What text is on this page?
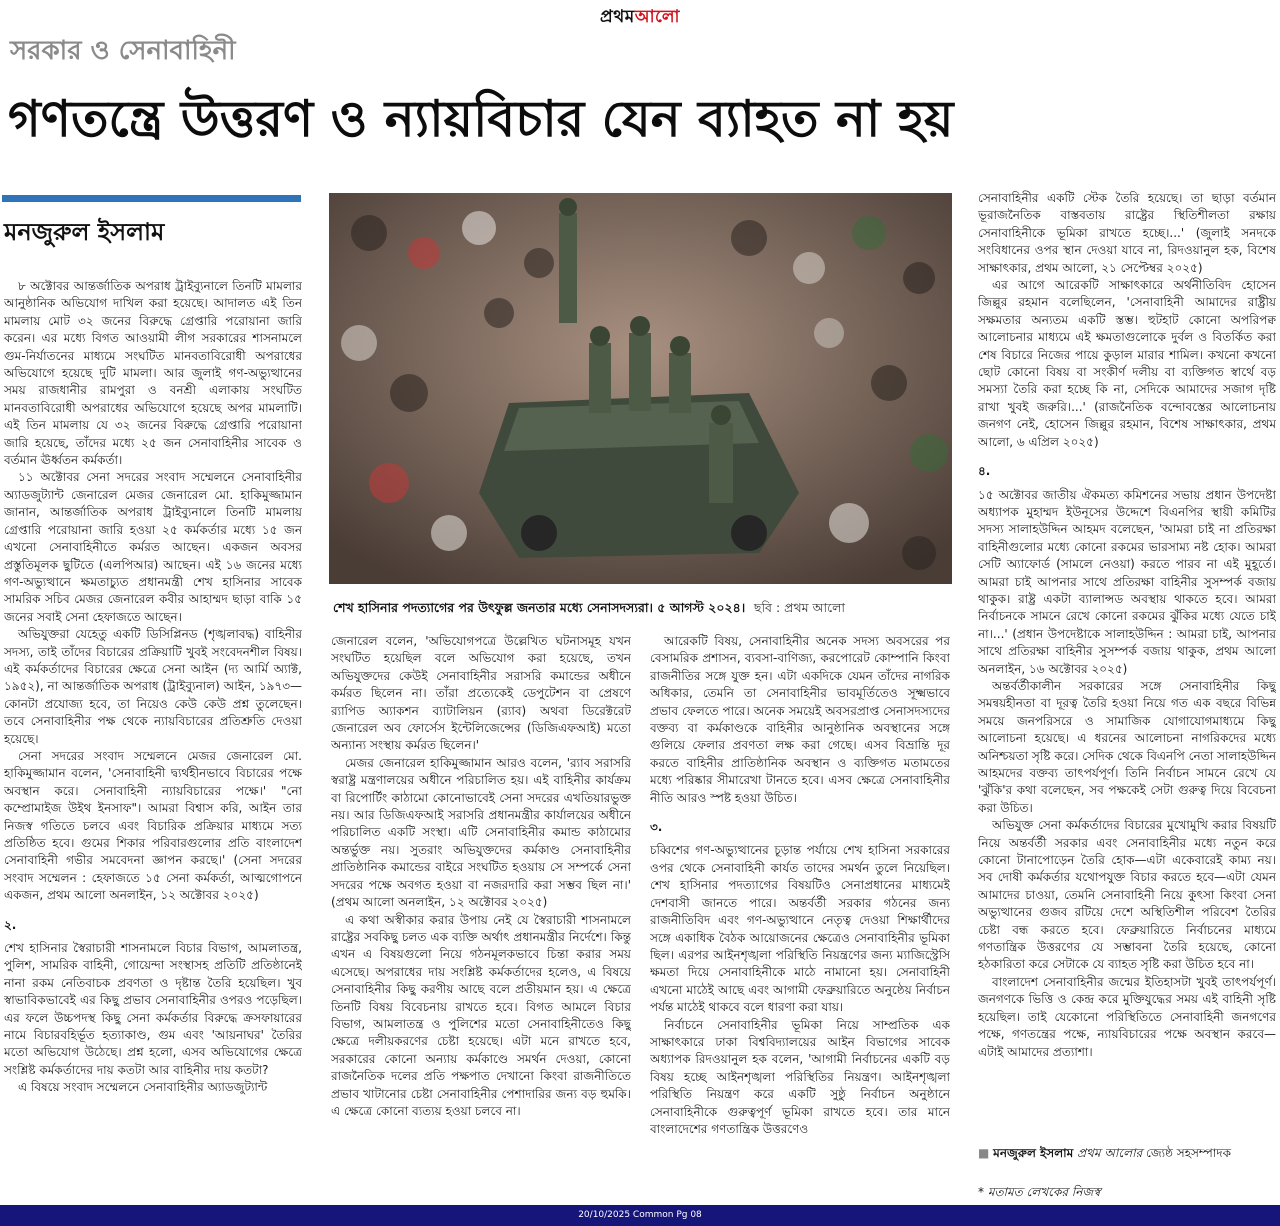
প্রথমআলো
সরকার ও সেনাবাহিনী
গণতন্ত্রে উত্তরণ ও ন্যায়বিচার যেন ব্যাহত না হয়
মনজুরুল ইসলাম

৮ অক্টোবর আন্তর্জাতিক অপরাধ ট্রাইব্যুনালে তিনটি মামলার আনুষ্ঠানিক অভিযোগ দাখিল করা হয়েছে। আদালত এই তিন মামলায় মোট ৩২ জনের বিরুদ্ধে গ্রেপ্তারি পরোয়ানা জারি করেন। এর মধ্যে বিগত আওয়ামী লীগ সরকারের শাসনামলে গুম-নির্যাতনের মাধ্যমে সংঘটিত মানবতাবিরোধী অপরাধের অভিযোগে হয়েছে দুটি মামলা। আর জুলাই গণ-অভ্যুত্থানের সময় রাজধানীর রামপুরা ও বনশ্রী এলাকায় সংঘটিত মানবতাবিরোধী অপরাধের অভিযোগে হয়েছে অপর মামলাটি। এই তিন মামলায় যে ৩২ জনের বিরুদ্ধে গ্রেপ্তারি পরোয়ানা জারি হয়েছে, তাঁদের মধ্যে ২৫ জন সেনাবাহিনীর সাবেক ও বর্তমান ঊর্ধ্বতন কর্মকর্তা।

১১ অক্টোবর সেনা সদরের সংবাদ সম্মেলনে সেনাবাহিনীর অ্যাডজুট্যান্ট জেনারেল মেজর জেনারেল মো. হাকিমুজ্জামান জানান, আন্তর্জাতিক অপরাধ ট্রাইব্যুনালে তিনটি মামলায় গ্রেপ্তারি পরোয়ানা জারি হওয়া ২৫ কর্মকর্তার মধ্যে ১৫ জন এখনো সেনাবাহিনীতে কর্মরত আছেন। একজন অবসর প্রস্তুতিমূলক ছুটিতে (এলপিআর) আছেন। এই ১৬ জনের মধ্যে গণ-অভ্যুত্থানে ক্ষমতাচ্যুত প্রধানমন্ত্রী শেখ হাসিনার সাবেক সামরিক সচিব মেজর জেনারেল কবীর আহাম্মদ ছাড়া বাকি ১৫ জনের সবাই সেনা হেফাজতে আছেন।

অভিযুক্তরা যেহেতু একটি ডিসিপ্লিনড (শৃঙ্খলাবদ্ধ) বাহিনীর সদস্য, তাই তাঁদের বিচারের প্রক্রিয়াটি খুবই সংবেদনশীল বিষয়। এই কর্মকর্তাদের বিচারের ক্ষেত্রে সেনা আইন (দ্য আর্মি অ্যাক্ট, ১৯৫২), না আন্তর্জাতিক অপরাধ (ট্রাইব্যুনাল) আইন, ১৯৭৩—কোনটা প্রযোজ্য হবে, তা নিয়েও কেউ কেউ প্রশ্ন তুলেছেন। তবে সেনাবাহিনীর পক্ষ থেকে ন্যায়বিচারের প্রতিশ্রুতি দেওয়া হয়েছে।

সেনা সদরের সংবাদ সম্মেলনে মেজর জেনারেল মো. হাকিমুজ্জামান বলেন, 'সেনাবাহিনী দ্ব্যর্থহীনভাবে বিচারের পক্ষে অবস্থান করে। সেনাবাহিনী ন্যায়বিচারের পক্ষে।' "নো কম্প্রোমাইজ উইথ ইনসাফ"। আমরা বিশ্বাস করি, আইন তার নিজস্ব গতিতে চলবে এবং বিচারিক প্রক্রিয়ার মাধ্যমে সত্য প্রতিষ্ঠিত হবে। গুমের শিকার পরিবারগুলোর প্রতি বাংলাদেশ সেনাবাহিনী গভীর সমবেদনা জ্ঞাপন করছে।' (সেনা সদরের সংবাদ সম্মেলন : হেফাজতে ১৫ সেনা কর্মকর্তা, আত্মগোপনে একজন, প্রথম আলো অনলাইন, ১২ অক্টোবর ২০২৫)

২.

শেখ হাসিনার স্বৈরাচারী শাসনামলে বিচার বিভাগ, আমলাতন্ত্র, পুলিশ, সামরিক বাহিনী, গোয়েন্দা সংস্থাসহ প্রতিটি প্রতিষ্ঠানেই নানা রকম নেতিবাচক প্রবণতা ও দৃষ্টান্ত তৈরি হয়েছিল। খুব স্বাভাবিকভাবেই এর কিছু প্রভাব সেনাবাহিনীর ওপরও পড়েছিল। এর ফলে উচ্চপদস্থ কিছু সেনা কর্মকর্তার বিরুদ্ধে ক্রসফায়ারের নামে বিচারবহির্ভূত হত্যাকাণ্ড, গুম এবং 'আয়নাঘর' তৈরির মতো অভিযোগ উঠেছে। প্রশ্ন হলো, এসব অভিযোগের ক্ষেত্রে সংশ্লিষ্ট কর্মকর্তাদের দায় কতটা আর বাহিনীর দায় কতটা?

এ বিষয়ে সংবাদ সম্মেলনে সেনাবাহিনীর অ্যাডজুট্যান্ট

শেখ হাসিনার পদত্যাগের পর উৎফুল্ল জনতার মধ্যে সেনাসদস্যরা। ৫ আগস্ট ২০২৪। ছবি : প্রথম আলো

জেনারেল বলেন, 'অভিযোগপত্রে উল্লেখিত ঘটনাসমূহ যখন সংঘটিত হয়েছিল বলে অভিযোগ করা হয়েছে, তখন অভিযুক্তদের কেউই সেনাবাহিনীর সরাসরি কমান্ডের অধীনে কর্মরত ছিলেন না। তাঁরা প্রত্যেকেই ডেপুটেশন বা প্রেষণে র‍্যাপিড অ্যাকশন ব্যাটালিয়ন (র‍্যাব) অথবা ডিরেক্টরেট জেনারেল অব ফোর্সেস ইন্টেলিজেন্সের (ডিজিএফআই) মতো অন্যান্য সংস্থায় কর্মরত ছিলেন।'

মেজর জেনারেল হাকিমুজ্জামান আরও বলেন, 'র‍্যাব সরাসরি স্বরাষ্ট্র মন্ত্রণালয়ের অধীনে পরিচালিত হয়। এই বাহিনীর কার্যক্রম বা রিপোর্টিং কাঠামো কোনোভাবেই সেনা সদরের এখতিয়ারভুক্ত নয়। আর ডিজিএফআই সরাসরি প্রধানমন্ত্রীর কার্যালয়ের অধীনে পরিচালিত একটি সংস্থা। এটি সেনাবাহিনীর কমান্ড কাঠামোর অন্তর্ভুক্ত নয়। সুতরাং অভিযুক্তদের কর্মকাণ্ড সেনাবাহিনীর প্রাতিষ্ঠানিক কমান্ডের বাইরে সংঘটিত হওয়ায় সে সম্পর্কে সেনা সদরের পক্ষে অবগত হওয়া বা নজরদারি করা সম্ভব ছিল না।' (প্রথম আলো অনলাইন, ১২ অক্টোবর ২০২৫)

এ কথা অস্বীকার করার উপায় নেই যে স্বৈরাচারী শাসনামলে রাষ্ট্রের সবকিছু চলত এক ব্যক্তি অর্থাৎ প্রধানমন্ত্রীর নির্দেশে। কিন্তু এখন এ বিষয়গুলো নিয়ে গঠনমূলকভাবে চিন্তা করার সময় এসেছে। অপরাধের দায় সংশ্লিষ্ট কর্মকর্তাদের হলেও, এ বিষয়ে সেনাবাহিনীর কিছু করণীয় আছে বলে প্রতীয়মান হয়। এ ক্ষেত্রে তিনটি বিষয় বিবেচনায় রাখতে হবে। বিগত আমলে বিচার বিভাগ, আমলাতন্ত্র ও পুলিশের মতো সেনাবাহিনীতেও কিছু ক্ষেত্রে দলীয়করণের চেষ্টা হয়েছে। এটা মনে রাখতে হবে, সরকারের কোনো অন্যায় কর্মকাণ্ডে সমর্থন দেওয়া, কোনো রাজনৈতিক দলের প্রতি পক্ষপাত দেখানো কিংবা রাজনীতিতে প্রভাব খাটানোর চেষ্টা সেনাবাহিনীর পেশাদারির জন্য বড় হুমকি। এ ক্ষেত্রে কোনো ব্যত্যয় হওয়া চলবে না।

আরেকটি বিষয়, সেনাবাহিনীর অনেক সদস্য অবসরের পর বেসামরিক প্রশাসন, ব্যবসা-বাণিজ্য, করপোরেট কোম্পানি কিংবা রাজনীতির সঙ্গে যুক্ত হন। এটা একদিকে যেমন তাঁদের নাগরিক অধিকার, তেমনি তা সেনাবাহিনীর ভাবমূর্তিতেও সূক্ষ্মভাবে প্রভাব ফেলতে পারে। অনেক সময়েই অবসরপ্রাপ্ত সেনাসদস্যদের বক্তব্য বা কর্মকাণ্ডকে বাহিনীর আনুষ্ঠানিক অবস্থানের সঙ্গে গুলিয়ে ফেলার প্রবণতা লক্ষ করা গেছে। এসব বিভ্রান্তি দূর করতে বাহিনীর প্রাতিষ্ঠানিক অবস্থান ও ব্যক্তিগত মতামতের মধ্যে পরিষ্কার সীমারেখা টানতে হবে। এসব ক্ষেত্রে সেনাবাহিনীর নীতি আরও স্পষ্ট হওয়া উচিত।

৩.

চব্বিশের গণ-অভ্যুত্থানের চূড়ান্ত পর্যায়ে শেখ হাসিনা সরকারের ওপর থেকে সেনাবাহিনী কার্যত তাদের সমর্থন তুলে নিয়েছিল। শেখ হাসিনার পদত্যাগের বিষয়টিও সেনাপ্রধানের মাধ্যমেই দেশবাসী জানতে পারে। অন্তর্বর্তী সরকার গঠনের জন্য রাজনীতিবিদ এবং গণ-অভ্যুত্থানে নেতৃত্ব দেওয়া শিক্ষার্থীদের সঙ্গে একাধিক বৈঠক আয়োজনের ক্ষেত্রেও সেনাবাহিনীর ভূমিকা ছিল। এরপর আইনশৃঙ্খলা পরিস্থিতি নিয়ন্ত্রণের জন্য ম্যাজিস্ট্রেসি ক্ষমতা দিয়ে সেনাবাহিনীকে মাঠে নামানো হয়। সেনাবাহিনী এখনো মাঠেই আছে এবং আগামী ফেব্রুয়ারিতে অনুষ্ঠেয় নির্বাচন পর্যন্ত মাঠেই থাকবে বলে ধারণা করা যায়।

নির্বাচনে সেনাবাহিনীর ভূমিকা নিয়ে সাম্প্রতিক এক সাক্ষাৎকারে ঢাকা বিশ্ববিদ্যালয়ের আইন বিভাগের সাবেক অধ্যাপক রিদওয়ানুল হক বলেন, 'আগামী নির্বাচনের একটি বড় বিষয় হচ্ছে আইনশৃঙ্খলা পরিস্থিতির নিয়ন্ত্রণ। আইনশৃঙ্খলা পরিস্থিতি নিয়ন্ত্রণ করে একটি সুষ্ঠু নির্বাচন অনুষ্ঠানে সেনাবাহিনীকে গুরুত্বপূর্ণ ভূমিকা রাখতে হবে। তার মানে বাংলাদেশের গণতান্ত্রিক উত্তরণেও

সেনাবাহিনীর একটি স্টেক তৈরি হয়েছে। তা ছাড়া বর্তমান ভূরাজনৈতিক বাস্তবতায় রাষ্ট্রের স্থিতিশীলতা রক্ষায় সেনাবাহিনীকে ভূমিকা রাখতে হচ্ছে।...' (জুলাই সনদকে সংবিধানের ওপর স্থান দেওয়া যাবে না, রিদওয়ানুল হক, বিশেষ সাক্ষাৎকার, প্রথম আলো, ২১ সেপ্টেম্বর ২০২৫)

এর আগে আরেকটি সাক্ষাৎকারে অর্থনীতিবিদ হোসেন জিল্লুর রহমান বলেছিলেন, 'সেনাবাহিনী আমাদের রাষ্ট্রীয় সক্ষমতার অন্যতম একটি স্তম্ভ। হুটহাট কোনো অপরিপক্ব আলোচনার মাধ্যমে এই ক্ষমতাগুলোকে দুর্বল ও বিতর্কিত করা শেষ বিচারে নিজের পায়ে কুড়াল মারার শামিল। কখনো কখনো ছোট কোনো বিষয় বা সংকীর্ণ দলীয় বা ব্যক্তিগত স্বার্থে বড় সমস্যা তৈরি করা হচ্ছে কি না, সেদিকে আমাদের সজাগ দৃষ্টি রাখা খুবই জরুরি।...' (রাজনৈতিক বন্দোবস্তের আলোচনায় জনগণ নেই, হোসেন জিল্লুর রহমান, বিশেষ সাক্ষাৎকার, প্রথম আলো, ৬ এপ্রিল ২০২৫)

৪.

১৫ অক্টোবর জাতীয় ঐকমত্য কমিশনের সভায় প্রধান উপদেষ্টা অধ্যাপক মুহাম্মদ ইউনূসের উদ্দেশে বিএনপির স্থায়ী কমিটির সদস্য সালাহউদ্দিন আহমদ বলেছেন, 'আমরা চাই না প্রতিরক্ষা বাহিনীগুলোর মধ্যে কোনো রকমের ভারসাম্য নষ্ট হোক। আমরা সেটি অ্যাফোর্ড (সামলে নেওয়া) করতে পারব না এই মুহূর্তে। আমরা চাই আপনার সাথে প্রতিরক্ষা বাহিনীর সুসম্পর্ক বজায় থাকুক। রাষ্ট্র একটা ব্যালান্সড অবস্থায় থাকতে হবে। আমরা নির্বাচনকে সামনে রেখে কোনো রকমের ঝুঁকির মধ্যে যেতে চাই না।...' (প্রধান উপদেষ্টাকে সালাহউদ্দিন : আমরা চাই, আপনার সাথে প্রতিরক্ষা বাহিনীর সুসম্পর্ক বজায় থাকুক, প্রথম আলো অনলাইন, ১৬ অক্টোবর ২০২৫)

অন্তর্বর্তীকালীন সরকারের সঙ্গে সেনাবাহিনীর কিছু সমন্বয়হীনতা বা দূরত্ব তৈরি হওয়া নিয়ে গত এক বছরে বিভিন্ন সময়ে জনপরিসরে ও সামাজিক যোগাযোগমাধ্যমে কিছু আলোচনা হয়েছে। এ ধরনের আলোচনা নাগরিকদের মধ্যে অনিশ্চয়তা সৃষ্টি করে। সেদিক থেকে বিএনপি নেতা সালাহউদ্দিন আহমদের বক্তব্য তাৎপর্যপূর্ণ। তিনি নির্বাচন সামনে রেখে যে 'ঝুঁকি'র কথা বলেছেন, সব পক্ষকেই সেটা গুরুত্ব দিয়ে বিবেচনা করা উচিত।

অভিযুক্ত সেনা কর্মকর্তাদের বিচারের মুখোমুখি করার বিষয়টি নিয়ে অন্তর্বর্তী সরকার এবং সেনাবাহিনীর মধ্যে নতুন করে কোনো টানাপোড়েন তৈরি হোক—এটা একেবারেই কাম্য নয়। সব দোষী কর্মকর্তার যথোপযুক্ত বিচার করতে হবে—এটা যেমন আমাদের চাওয়া, তেমনি সেনাবাহিনী নিয়ে কুৎসা কিংবা সেনা অভ্যুত্থানের গুজব রটিয়ে দেশে অস্থিতিশীল পরিবেশ তৈরির চেষ্টা বন্ধ করতে হবে। ফেব্রুয়ারিতে নির্বাচনের মাধ্যমে গণতান্ত্রিক উত্তরণের যে সম্ভাবনা তৈরি হয়েছে, কোনো হঠকারিতা করে সেটাকে যে ব্যাহত সৃষ্টি করা উচিত হবে না।

বাংলাদেশ সেনাবাহিনীর জন্মের ইতিহাসটা খুবই তাৎপর্যপূর্ণ। জনগণকে ভিত্তি ও কেন্দ্র করে মুক্তিযুদ্ধের সময় এই বাহিনী সৃষ্টি হয়েছিল। তাই যেকোনো পরিস্থিতিতে সেনাবাহিনী জনগণের পক্ষে, গণতন্ত্রের পক্ষে, ন্যায়বিচারের পক্ষে অবস্থান করবে—এটাই আমাদের প্রত্যাশা।

■ মনজুরুল ইসলাম প্রথম আলোর জ্যেষ্ঠ সহসম্পাদক
* মতামত লেখকের নিজস্ব
20/10/2025 Common Pg 08
